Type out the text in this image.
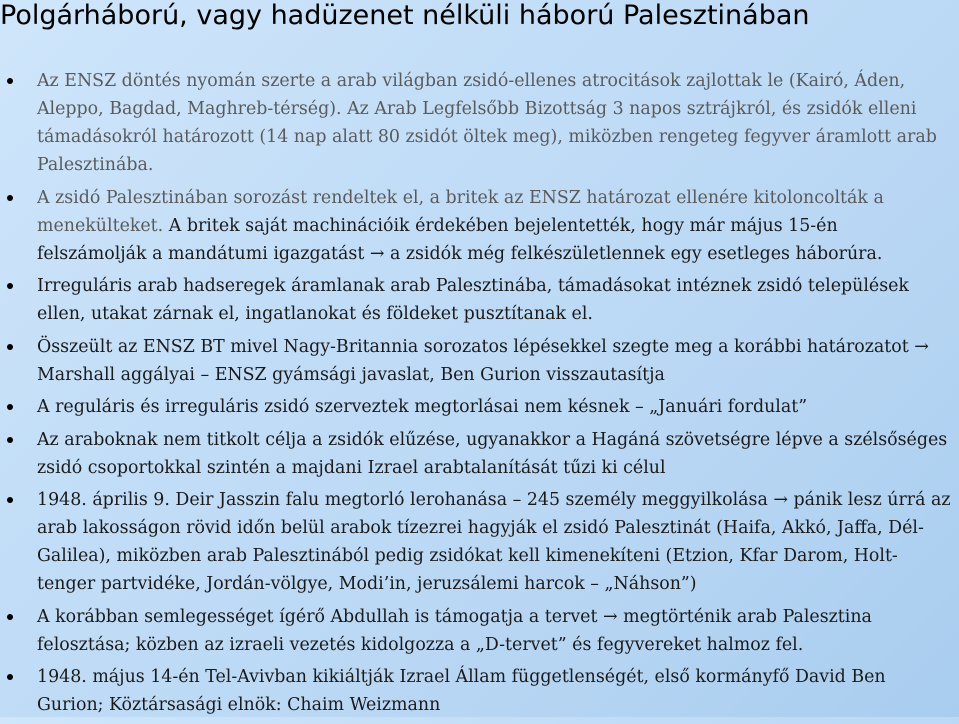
Polgárháború, vagy hadüzenet nélküli háború Palesztinában
Az ENSZ döntés nyomán szerte a arab világban zsidó-ellenes atrocitások zajlottak le (Kairó, Áden, Aleppo, Bagdad, Maghreb-térség). Az Arab Legfelsőbb Bizottság 3 napos sztrájkról, és zsidók elleni támadásokról határozott (14 nap alatt 80 zsidót öltek meg), miközben rengeteg fegyver áramlott arab Palesztinába.
A zsidó Palesztinában sorozást rendeltek el, a britek az ENSZ határozat ellenére kitoloncolták a menekülteket. A britek saját machinációik érdekében bejelentették, hogy már május 15-én felszámolják a mandátumi igazgatást → a zsidók még felkészületlennek egy esetleges háborúra.
Irreguláris arab hadseregek áramlanak arab Palesztinába, támadásokat intéznek zsidó települések ellen, utakat zárnak el, ingatlanokat és földeket pusztítanak el.
Összeült az ENSZ BT mivel Nagy-Britannia sorozatos lépésekkel szegte meg a korábbi határozatot → Marshall aggályai – ENSZ gyámsági javaslat, Ben Gurion visszautasítja
A reguláris és irreguláris zsidó szerveztek megtorlásai nem késnek – „Januári fordulat”
Az araboknak nem titkolt célja a zsidók elűzése, ugyanakkor a Hagáná szövetségre lépve a szélsőséges zsidó csoportokkal szintén a majdani Izrael arabtalanítását tűzi ki célul
1948. április 9. Deir Jasszin falu megtorló lerohanása – 245 személy meggyilkolása → pánik lesz úrrá az arab lakosságon rövid időn belül arabok tízezrei hagyják el zsidó Palesztinát (Haifa, Akkó, Jaffa, Dél-Galilea), miközben arab Palesztinából pedig zsidókat kell kimenekíteni (Etzion, Kfar Darom, Holt-tenger partvidéke, Jordán-völgye, Modi’in, jeruzsálemi harcok – „Náhson”)
A korábban semlegességet ígérő Abdullah is támogatja a tervet → megtörténik arab Palesztina felosztása; közben az izraeli vezetés kidolgozza a „D-tervet” és fegyvereket halmoz fel.
1948. május 14-én Tel-Avivban kikiáltják Izrael Állam függetlenségét, első kormányfő David Ben Gurion; Köztársasági elnök: Chaim Weizmann
